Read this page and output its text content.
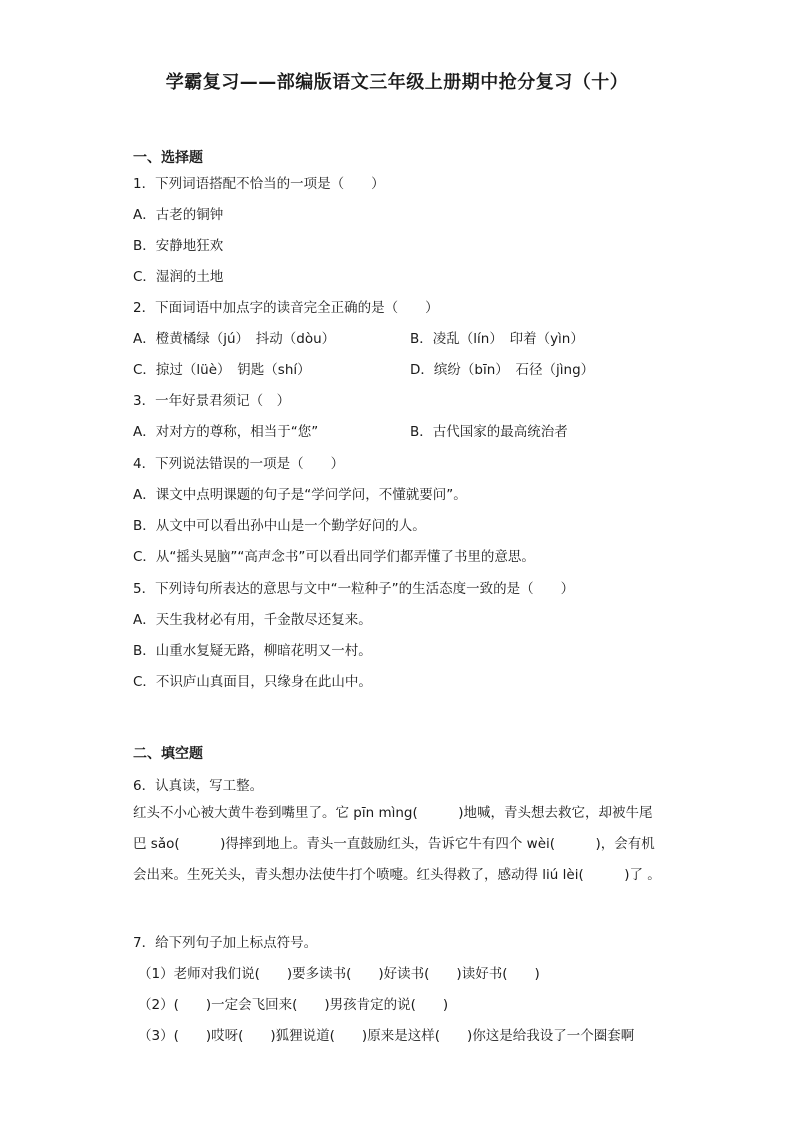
学霸复习——部编版语文三年级上册期中抢分复习（十）
一、选择题
1．下列词语搭配不恰当的一项是（　　）
A．古老的铜钟
B．安静地狂欢
C．湿润的土地
2．下面词语中加点字的读音完全正确的是（　　）
A．橙黄橘绿（jú）　抖动（dòu）	B．凌乱（lín）　印着（yìn）
C．掠过（lüè）　钥匙（shí）	D．缤纷（bīn）　石径（jìng）
3．一年好景君须记（　）
A．对对方的尊称，相当于“您”	B．古代国家的最高统治者
4．下列说法错误的一项是（　　）
A．课文中点明课题的句子是“学问学问，不懂就要问”。
B．从文中可以看出孙中山是一个勤学好问的人。
C．从“摇头晃脑”“高声念书”可以看出同学们都弄懂了书里的意思。
5．下列诗句所表达的意思与文中“一粒种子”的生活态度一致的是（　　）
A．天生我材必有用，千金散尽还复来。
B．山重水复疑无路，柳暗花明又一村。
C．不识庐山真面目，只缘身在此山中。
二、填空题
6．认真读，写工整。
红头不小心被大黄牛卷到嘴里了。它 pīn mìng(　　　)地喊，青头想去救它，却被牛尾巴 sǎo(　　　)得摔到地上。青头一直鼓励红头，告诉它牛有四个 wèi(　　　)，会有机会出来。生死关头，青头想办法使牛打个喷嚏。红头得救了，感动得 liú lèi(　　　)了 。
7．给下列句子加上标点符号。
（1）老师对我们说(　　)要多读书(　　)好读书(　　)读好书(　　)
（2）(　　)一定会飞回来(　　)男孩肯定的说(　　)
（3）(　　)哎呀(　　)狐狸说道(　　)原来是这样(　　)你这是给我设了一个圈套啊
